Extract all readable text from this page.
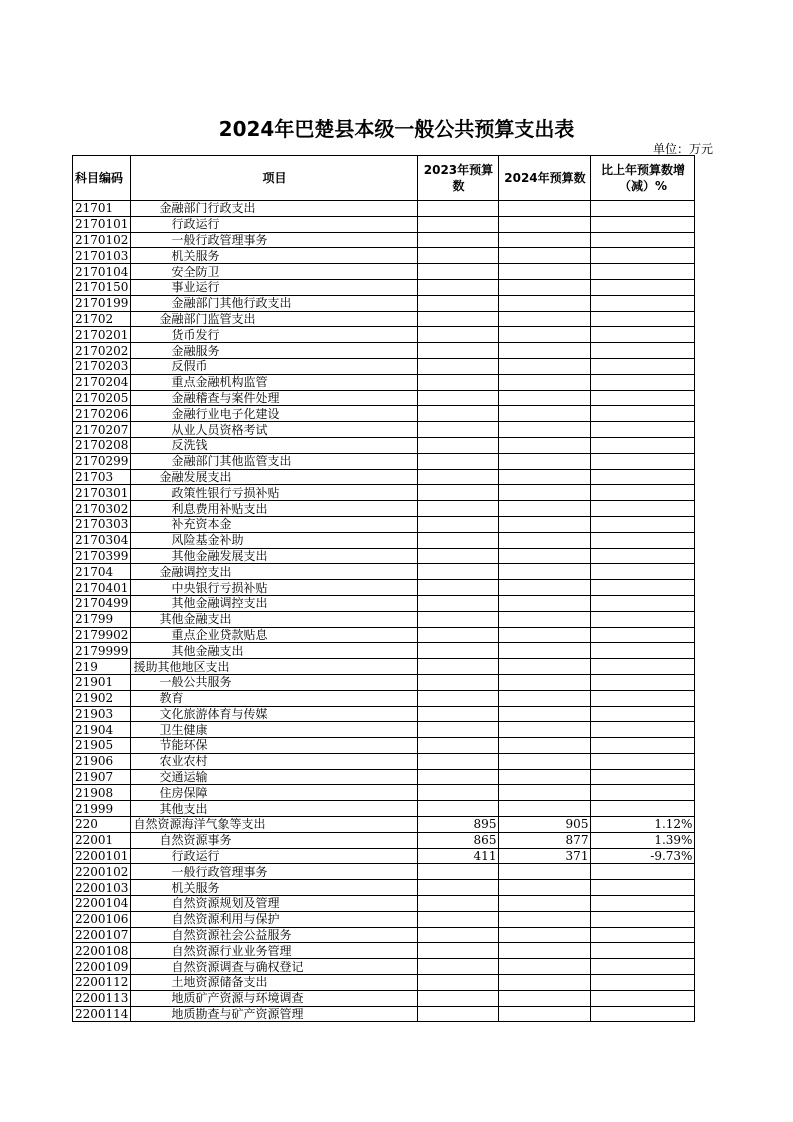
2024年巴楚县本级一般公共预算支出表
单位：万元
科目编码	项目	2023年预算数	2024年预算数	比上年预算数增（减）%
21701	金融部门行政支出			
2170101	行政运行			
2170102	一般行政管理事务			
2170103	机关服务			
2170104	安全防卫			
2170150	事业运行			
2170199	金融部门其他行政支出			
21702	金融部门监管支出			
2170201	货币发行			
2170202	金融服务			
2170203	反假币			
2170204	重点金融机构监管			
2170205	金融稽查与案件处理			
2170206	金融行业电子化建设			
2170207	从业人员资格考试			
2170208	反洗钱			
2170299	金融部门其他监管支出			
21703	金融发展支出			
2170301	政策性银行亏损补贴			
2170302	利息费用补贴支出			
2170303	补充资本金			
2170304	风险基金补助			
2170399	其他金融发展支出			
21704	金融调控支出			
2170401	中央银行亏损补贴			
2170499	其他金融调控支出			
21799	其他金融支出			
2179902	重点企业贷款贴息			
2179999	其他金融支出			
219	援助其他地区支出			
21901	一般公共服务			
21902	教育			
21903	文化旅游体育与传媒			
21904	卫生健康			
21905	节能环保			
21906	农业农村			
21907	交通运输			
21908	住房保障			
21999	其他支出			
220	自然资源海洋气象等支出	895	905	1.12%
22001	自然资源事务	865	877	1.39%
2200101	行政运行	411	371	-9.73%
2200102	一般行政管理事务			
2200103	机关服务			
2200104	自然资源规划及管理			
2200106	自然资源利用与保护			
2200107	自然资源社会公益服务			
2200108	自然资源行业业务管理			
2200109	自然资源调查与确权登记			
2200112	土地资源储备支出			
2200113	地质矿产资源与环境调查			
2200114	地质勘查与矿产资源管理			
